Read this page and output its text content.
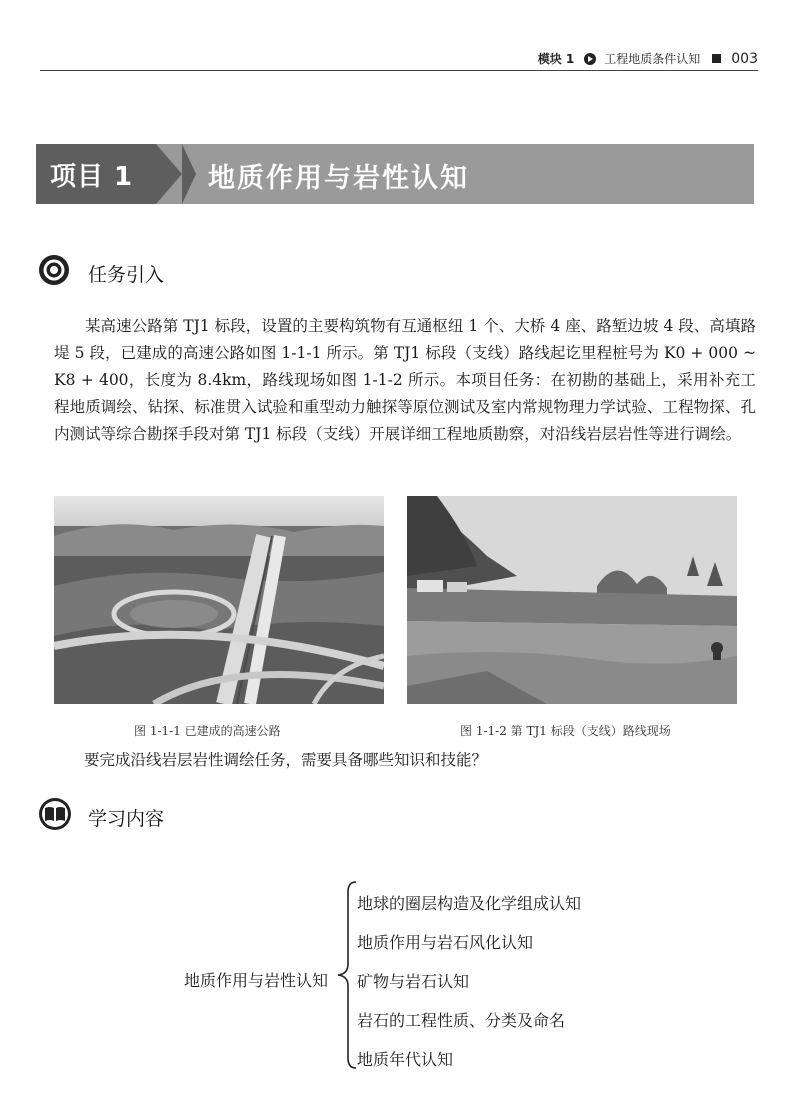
模块 1	工程地质条件认知 003
项目 1	地质作用与岩性认知
任务引入

某高速公路第 TJ1 标段，设置的主要构筑物有互通枢纽 1 个、大桥 4 座、路堑边坡 4 段、高填路堤 5 段，已建成的高速公路如图 1-1-1 所示。第 TJ1 标段（支线）路线起讫里程桩号为 K0 + 000 ~ K8 + 400，长度为 8.4km，路线现场如图 1-1-2 所示。本项目任务：在初勘的基础上，采用补充工程地质调绘、钻探、标准贯入试验和重型动力触探等原位测试及室内常规物理力学试验、工程物探、孔内测试等综合勘探手段对第 TJ1 标段（支线）开展详细工程地质勘察，对沿线岩层岩性等进行调绘。

图 1-1-1 已建成的高速公路	图 1-1-2 第 TJ1 标段（支线）路线现场
要完成沿线岩层岩性调绘任务，需要具备哪些知识和技能？
学习内容
地质作用与岩性认知
地球的圈层构造及化学组成认知
地质作用与岩石风化认知
矿物与岩石认知
岩石的工程性质、分类及命名
地质年代认知
